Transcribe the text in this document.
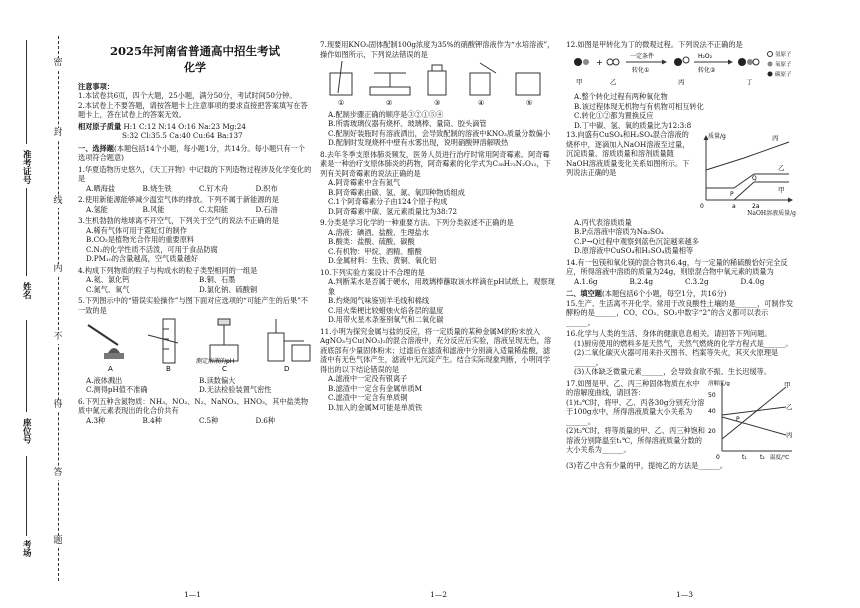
密
封
线
内
不
得
答
题
准考证号
姓名
座位号
考场
2025年河南省普通高中招生考试
化学

注意事项：

1.本试卷共6页，四个大题，25小题，满分50分，考试时间50分钟。

2.本试卷上不要答题，请按答题卡上注意事项的要求直接把答案填写在答题卡上，答在试卷上的答案无效。

相对原子质量 H:1 C:12 N:14 O:16 Na:23 Mg:24

S:32 Cl:35.5 Ca:40 Cu:64 Ba:137

一、选择题(本题包括14个小题，每小题1分，共14分。每小题只有一个选项符合题意)

1.华夏造物历史悠久，《天工开物》中记载的下列造物过程涉及化学变化的是

A.晒海盐	B.烧生铁	C.钉木舟	D.织布

2.使用新能源能够减少温室气体的排放。下列不属于新能源的是

A.氢能	B.风能	C.太阳能	D.石油

3.生机勃勃的地球离不开空气，下列关于空气的说法不正确的是

A.稀有气体可用于霓虹灯的制作

B.CO₂是植物光合作用的重要原料

C.N₂的化学性质不活泼，可用于食品防腐

D.PM₁₀的含量越高，空气质量越好

4.构成下列物质的粒子与构成水的粒子类型相同的一组是

A.氦、氯化钙	B.铜、石墨
C.氮气、氧气	D.氯化钠、硫酸铜

5.下列图示中的“错误实验操作”与图下面对应选项的“可能产生的后果”不一致的是

A	B	C	D
测定溶液的pH
A.液体溅出	B.读数偏大
C.测得pH值不准确	D.无法检验装置气密性

6.下列五种含氮物质：NH₃、NO₂、N₂、NaNO₃、HNO₃，其中盐类物质中氮元素表现出的化合价共有

A.3种	B.4种	C.5种	D.6种

7.现要用KNO₃固体配制100g浓度为35%的硝酸钾溶液作为“水培溶液”，操作如图所示，下列说法错误的是

①	②	③	④	⑤

A.配制步骤正确的顺序是③②①⑤④

B.所需玻璃仪器有烧杯、玻璃棒、量筒、胶头滴管

C.配制好装瓶时有溶液洒出，会导致配制的溶液中KNO₃质量分数偏小

D.配制时发现烧杯中壁有水雾出现，说明硝酸钾溶解吸热

8.去年冬季支原体肺炎频发，医务人员进行治疗时常用阿奇霉素。阿奇霉素是一种治疗支原体肺炎的药物，阿奇霉素的化学式为C₃₈H₇₂N₂O₁₂，下列有关阿奇霉素的说法正确的是

A.阿奇霉素中含有氮气

B.阿奇霉素由碳、氢、氮、氧四种物质组成

C.1个阿奇霉素分子由124个原子构成

D.阿奇霉素中碳、氢元素质量比为38:72

9.分类是学习化学的一种重要方法。下列分类叙述不正确的是

A.溶液：碘酒、盐酸、生理盐水

B.酸类：盐酸、硫酸、碳酸

C.有机物：甲烷、酒精、醋酸

D.金属材料：生铁、黄铜、氧化铝

10.下列实验方案设计不合理的是

A.判断某水是否属于硬水，用玻璃棒蘸取该水样滴在pH试纸上，观察现象

B.灼烧闻气味鉴别羊毛线和棉线

C.用火柴梗比较蜡烛火焰各层的温度

D.用带火星木条鉴别氧气和二氧化碳

11.小明为探究金属与盐的反应，将一定质量的某种金属M的粉末放入AgNO₃与Cu(NO₃)₂的混合溶液中，充分反应后实验，溶液呈现无色，溶液底部有少量固体粉末；过滤后在滤渣和滤液中分别滴入适量稀盐酸，滤渣中有无色气体产生，滤液中无沉淀产生。结合实际现象判断，小明同学得出的以下结论错误的是

A.滤液中一定没有银离子

B.滤渣中一定含有金属单质M

C.滤渣中一定含有单质铜

D.加入的金属M可能是单质铁

12.如图是甲转化为丁的微观过程。下列说法不正确的是

+
一定条件
转化①
H₂O₂
转化②
甲	乙	丙	丁
氢原子
氧原子
碳原子

A.整个转化过程有两种氧化物

B.该过程体现无机物与有机物可相互转化

C.转化①②都为置换反应

D.丁中碳、氢、氧的质量比为12:3:8

13.向盛有CuSO₄和H₂SO₄混合溶液的烧杯中，逐滴加入NaOH溶液至过量，沉淀质量、溶质质量和溶剂质量随NaOH溶液质量变化关系如图所示。下列说法正确的是

丙
乙
甲
P
Q
质量/g
0	a	2a

NaOH溶液质量/g

A.丙代表溶质质量

B.P点溶液中溶质为Na₂SO₄

C.P→Q过程中观察到蓝色沉淀越来越多

D.原溶液中CuSO₄和H₂SO₄质量相等

14.有一包镁和氧化镁的混合物共6.4g，与一定量的稀硫酸恰好完全反应，所得溶液中溶质的质量为24g，则原混合物中氧元素的质量为

A.1.6g	B.2.4g	C.3.2g	D.4.0g

二、填空题(本题包括6个小题，每空1分，共16分)

15.生产、生活离不开化学。常用于改良酸性土壤的是______，可制作发酵粉的是______，CO、CO₂、SO₂中数字“2”的含义都可以表示______。

16.化学与人类的生活、身体的健康息息相关。请回答下列问题。

(1)厨房使用的燃料多是天然气，天然气燃烧的化学方程式是______。

(2)二氧化碳灭火器可用来扑灭图书、档案等失火，其灭火原理是______。

(3)人体缺乏微量元素______，会导致食欲不振、生长迟缓等。

17.如图是甲、乙、丙三种固体物质在水中的溶解度曲线，请回答：

(1)t₂℃时，将甲、乙、丙各30g分别充分溶于100g水中，所得溶液质量大小关系为______。

(2)t₂℃时，将等质量的甲、乙、丙三种饱和溶液分别降温至t₁℃，所得溶液质量分数的大小关系为______。

甲
乙
丙
50
40
20
P
0	t₁ t₂
溶解度/g
温度/℃

(3)若乙中含有少量的甲，提纯乙的方法是______。

1—1	1—2	1—3
